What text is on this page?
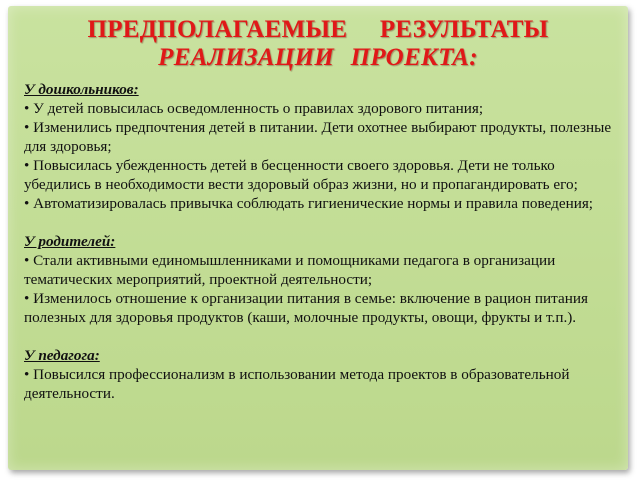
ПРЕДПОЛАГАЕМЫЕ РЕЗУЛЬТАТЫ
РЕАЛИЗАЦИИ ПРОЕКТА:

У дошкольников:

• У детей повысилась осведомленность о правилах здорового питания;

• Изменились предпочтения детей в питании. Дети охотнее выбирают продукты, полезные для здоровья;

• Повысилась убежденность детей в бесценности своего здоровья. Дети не только убедились в необходимости вести здоровый образ жизни, но и пропагандировать его;

• Автоматизировалась привычка соблюдать гигиенические нормы и правила поведения;

У родителей:

• Стали активными единомышленниками и помощниками педагога в организации тематических мероприятий, проектной деятельности;

• Изменилось отношение к организации питания в семье: включение в рацион питания полезных для здоровья продуктов (каши, молочные продукты, овощи, фрукты и т.п.).

У педагога:

• Повысился профессионализм в использовании метода проектов в образовательной деятельности.
